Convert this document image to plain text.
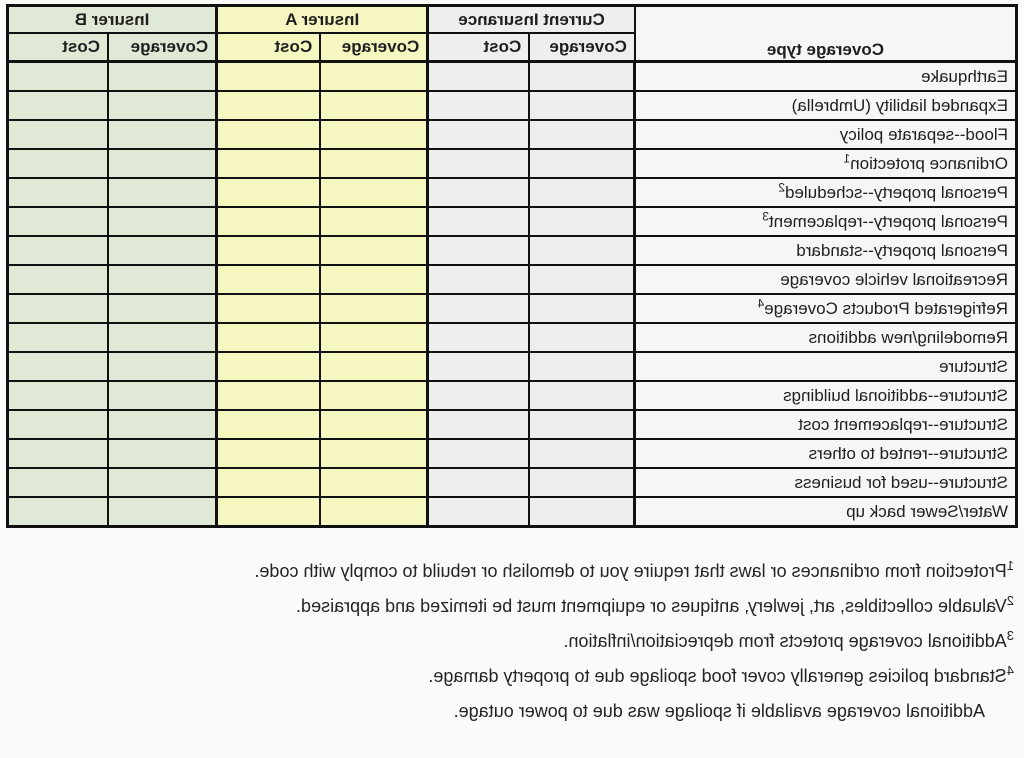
Coverage type	Current Insurance		Insurer A		Insurer B	
	Coverage	Cost	Coverage	Cost	Coverage	Cost
Earthquake						
Expanded liability (Umbrella)						
Flood--separate policy						
Ordinance protection$^1$						
Personal property--scheduled$^2$						
Personal property--replacement$^3$						
Personal property--standard						
Recreational vehicle coverage						
Refrigerated Products Coverage$^4$						
Remodeling/new additions						
Structure						
Structure--additional buildings						
Structure--replacement cost						
Structure--rented to others						
Structure--used for business						
Water/Sewer back up						
$^1$Protection from ordinances or laws that require you to demolish or rebuild to comply with code.
$^2$Valuable collectibles, art, jewlery, antiques or equipment must be itemized and appraised.
$^3$Additional coverage protects from depreciation/inflation.
$^4$Standard policies generally cover food spoilage due to property damage.
Additional coverage available if spoilage was due to power outage.
